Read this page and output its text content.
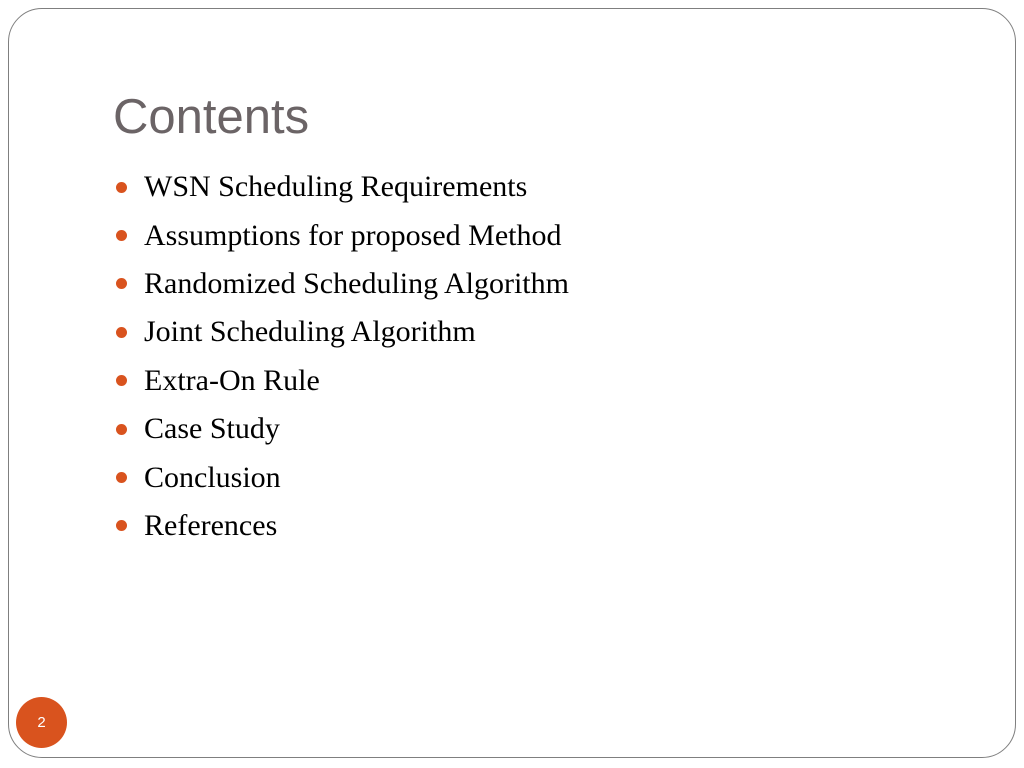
Contents
WSN Scheduling Requirements
Assumptions for proposed Method
Randomized Scheduling Algorithm
Joint Scheduling Algorithm
Extra-On Rule
Case Study
Conclusion
References
2
